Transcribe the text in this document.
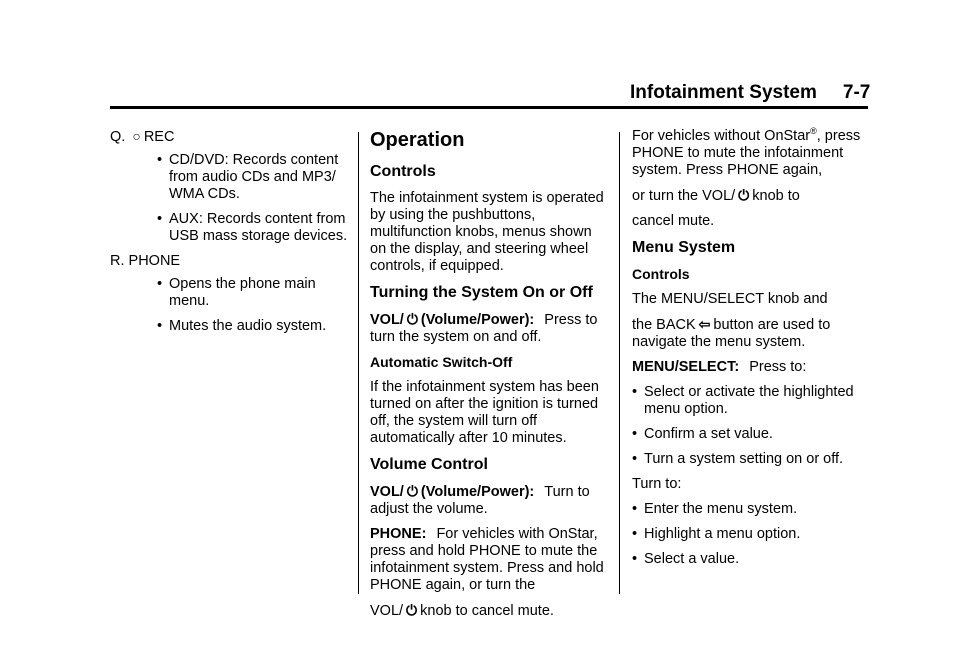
Infotainment System 7-7
Q. ○ REC
• CD/DVD: Records content from audio CDs and MP3/ WMA CDs.
• AUX: Records content from USB mass storage devices.
R. PHONE
• Opens the phone main menu.
• Mutes the audio system.
Operation
Controls

The infotainment system is operated by using the pushbuttons, multifunction knobs, menus shown on the display, and steering wheel controls, if equipped.

Turning the System On or Off

VOL/ ⏻ (Volume/Power): Press to turn the system on and off.

Automatic Switch-Off

If the infotainment system has been turned on after the ignition is turned off, the system will turn off automatically after 10 minutes.

Volume Control

VOL/ ⏻ (Volume/Power): Turn to adjust the volume.

PHONE: For vehicles with OnStar, press and hold PHONE to mute the infotainment system. Press and hold PHONE again, or turn the

VOL/ ⏻ knob to cancel mute.

For vehicles without OnStar®, press PHONE to mute the infotainment system. Press PHONE again,

or turn the VOL/ ⏻ knob to

cancel mute.

Menu System
Controls

The MENU/SELECT knob and

the BACK ⇦ button are used to navigate the menu system.

MENU/SELECT: Press to:

• Select or activate the highlighted menu option.
• Confirm a set value.
• Turn a system setting on or off.

Turn to:

• Enter the menu system.
• Highlight a menu option.
• Select a value.
